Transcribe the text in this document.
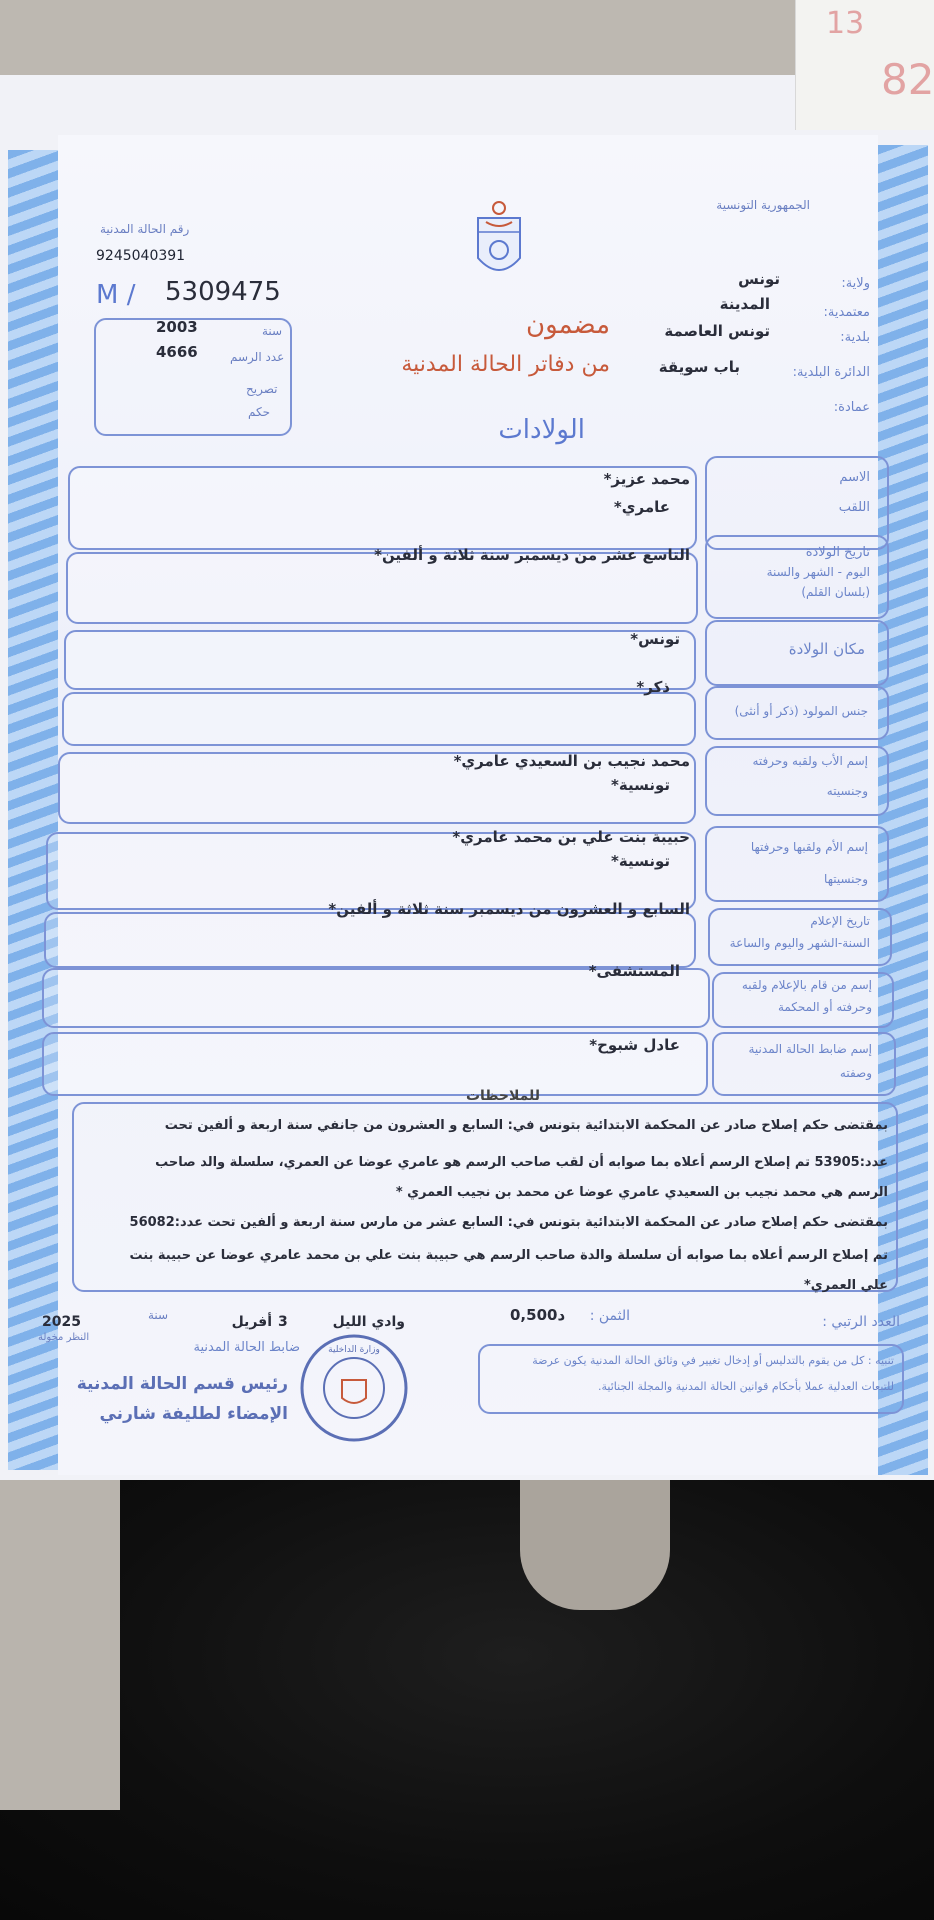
13
82
رقم الحالة المدنية
9245040391
M / 5309475
2003	سنة
4666	عدد الرسم
تصريح
حكم
الجمهورية التونسية
ولاية:
تونس
معتمدية:
المدينة
بلدية:
تونس العاصمة
الدائرة البلدية:
باب سويقة
عمادة:
مضمون
من دفاتر الحالة المدنية
الولادات
الاسم
اللقب
محمد عزيز*
عامري*
تاريخ الولادة
اليوم - الشهر والسنة
(بلسان القلم)
التاسع عشر من ديسمبر سنة ثلاثة و ألفين*
مكان الولادة
تونس*
جنس المولود (ذكر أو أنثى)
ذكر*
إسم الأب ولقبه وحرفته
وجنسيته
محمد نجيب بن السعيدي عامري*
تونسية*
إسم الأم ولقبها وحرفتها
وجنسيتها
حبيبة بنت علي بن محمد عامري*
تونسية*
تاريخ الإعلام
السنة-الشهر واليوم والساعة
السابع و العشرون من ديسمبر سنة ثلاثة و ألفين*
إسم من قام بالإعلام ولقبه
وحرفته أو المحكمة
المستشفى*
إسم ضابط الحالة المدنية
وصفته
عادل شبوح*
للملاحظات
بمقتضى حكم إصلاح صادر عن المحكمة الابتدائية بتونس في: السابع و العشرون من جانفي سنة اربعة و ألفين تحت
عدد:53905 تم إصلاح الرسم أعلاه بما صوابه أن لقب صاحب الرسم هو عامري عوضا عن العمري، سلسلة والد صاحب
الرسم هي محمد نجيب بن السعيدي عامري عوضا عن محمد بن نجيب العمري *
بمقتضى حكم إصلاح صادر عن المحكمة الابتدائية بتونس في: السابع عشر من مارس سنة اربعة و ألفين تحت عدد:56082
تم إصلاح الرسم أعلاه بما صوابه أن سلسلة والدة صاحب الرسم هي حبيبة بنت علي بن محمد عامري عوضا عن حبيبة بنت
علي العمري*
العدد الرتبي :
الثمن :
0,500د
وادي الليل
3
أفريل
سنة
2025
النظر مخولة
ضابط الحالة المدنية	وزارة الداخلية
رئيس قسم الحالة المدنية
الإمضاء لطليفة شارني
تنبيه : كل من يقوم بالتدليس أو إدخال تغيير في وثائق الحالة المدنية يكون عرضة
للتبعات العدلية عملا بأحكام قوانين الحالة المدنية والمجلة الجنائية.
